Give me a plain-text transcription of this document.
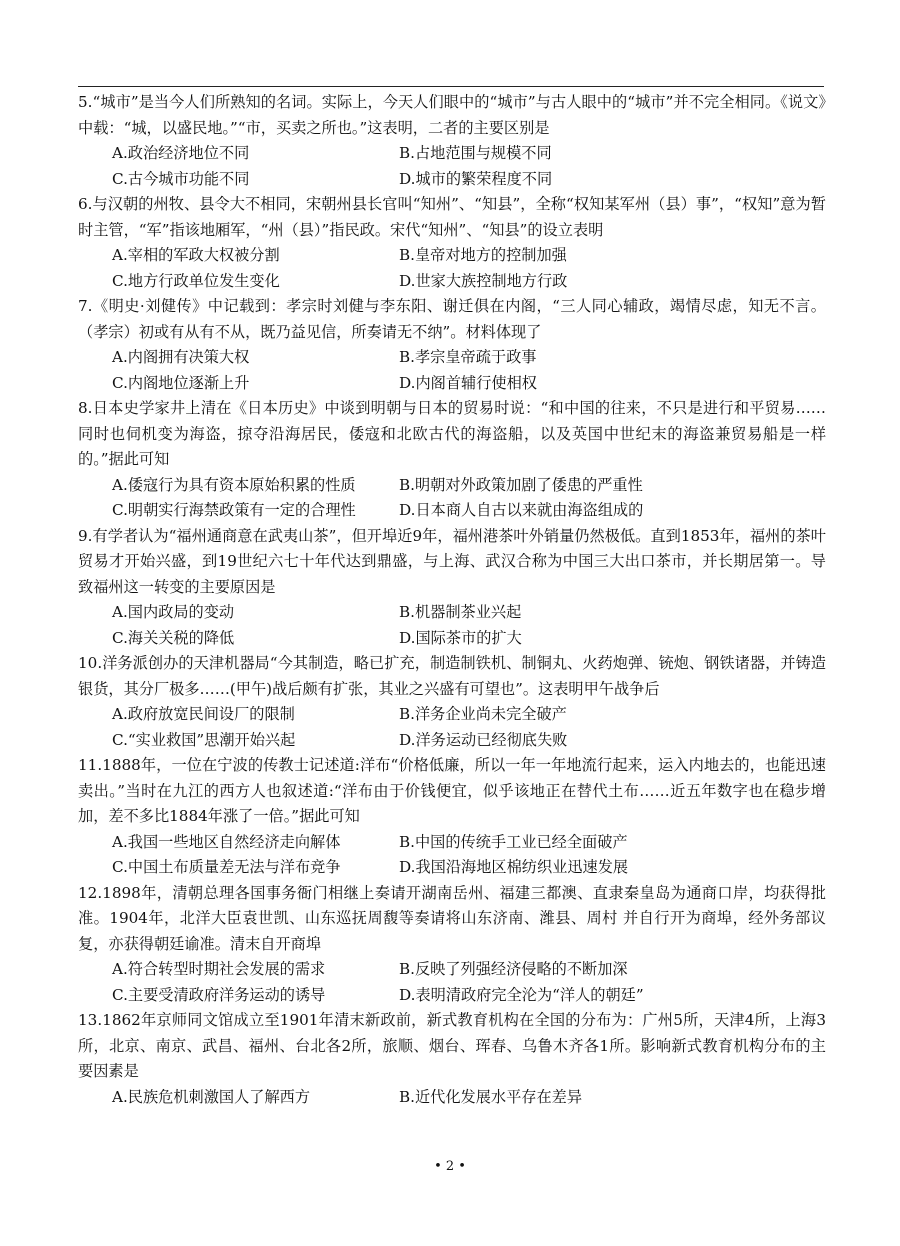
5.“城市”是当今人们所熟知的名词。实际上，今天人们眼中的“城市”与古人眼中的“城市”并不完全相同。《说文》中载：“城，以盛民地。”“市，买卖之所也。”这表明，二者的主要区别是

A.政治经济地位不同	B.占地范围与规模不同
C.古今城市功能不同	D.城市的繁荣程度不同

6.与汉朝的州牧、县令大不相同，宋朝州县长官叫“知州”、“知县”，全称“权知某军州（县）事”，“权知”意为暂时主管，“军”指该地厢军，“州（县）”指民政。宋代“知州”、“知县”的设立表明

A.宰相的军政大权被分割	B.皇帝对地方的控制加强
C.地方行政单位发生变化	D.世家大族控制地方行政

7.《明史·刘健传》中记载到：孝宗时刘健与李东阳、谢迁俱在内阁，“三人同心辅政，竭情尽虑，知无不言。（孝宗）初或有从有不从，既乃益见信，所奏请无不纳”。材料体现了

A.内阁拥有决策大权	B.孝宗皇帝疏于政事
C.内阁地位逐渐上升	D.内阁首辅行使相权

8.日本史学家井上清在《日本历史》中谈到明朝与日本的贸易时说：“和中国的往来，不只是进行和平贸易……同时也伺机变为海盗，掠夺沿海居民，倭寇和北欧古代的海盗船，以及英国中世纪末的海盗兼贸易船是一样的。”据此可知

A.倭寇行为具有资本原始积累的性质	B.明朝对外政策加剧了倭患的严重性
C.明朝实行海禁政策有一定的合理性	D.日本商人自古以来就由海盗组成的

9.有学者认为“福州通商意在武夷山茶”，但开埠近9年，福州港茶叶外销量仍然极低。直到1853年，福州的茶叶贸易才开始兴盛，到19世纪六七十年代达到鼎盛，与上海、武汉合称为中国三大出口茶市，并长期居第一。导致福州这一转变的主要原因是

A.国内政局的变动	B.机器制茶业兴起
C.海关关税的降低	D.国际茶市的扩大

10.洋务派创办的天津机器局“今其制造，略已扩充，制造制铁机、制铜丸、火药炮弹、铳炮、钢铁诸器，并铸造银货，其分厂极多……(甲午)战后颇有扩张，其业之兴盛有可望也”。这表明甲午战争后

A.政府放宽民间设厂的限制	B.洋务企业尚未完全破产
C.“实业救国”思潮开始兴起	D.洋务运动已经彻底失败

11.1888年，一位在宁波的传教士记述道:洋布“价格低廉，所以一年一年地流行起来，运入内地去的，也能迅速卖出。”当时在九江的西方人也叙述道:“洋布由于价钱便宜，似乎该地正在替代土布……近五年数字也在稳步增加，差不多比1884年涨了一倍。”据此可知

A.我国一些地区自然经济走向解体	B.中国的传统手工业已经全面破产
C.中国土布质量差无法与洋布竞争	D.我国沿海地区棉纺织业迅速发展

12.1898年，清朝总理各国事务衙门相继上奏请开湖南岳州、福建三都澳、直隶秦皇岛为通商口岸，均获得批准。1904年，北洋大臣袁世凯、山东巡抚周馥等奏请将山东济南、潍县、周村 并自行开为商埠，经外务部议复，亦获得朝廷谕准。清末自开商埠

A.符合转型时期社会发展的需求	B.反映了列强经济侵略的不断加深
C.主要受清政府洋务运动的诱导	D.表明清政府完全沦为“洋人的朝廷”

13.1862年京师同文馆成立至1901年清末新政前，新式教育机构在全国的分布为：广州5所，天津4所，上海3所，北京、南京、武昌、福州、台北各2所，旅顺、烟台、珲春、乌鲁木齐各1所。影响新式教育机构分布的主要因素是

A.民族危机刺激国人了解西方	B.近代化发展水平存在差异
• 2 •
